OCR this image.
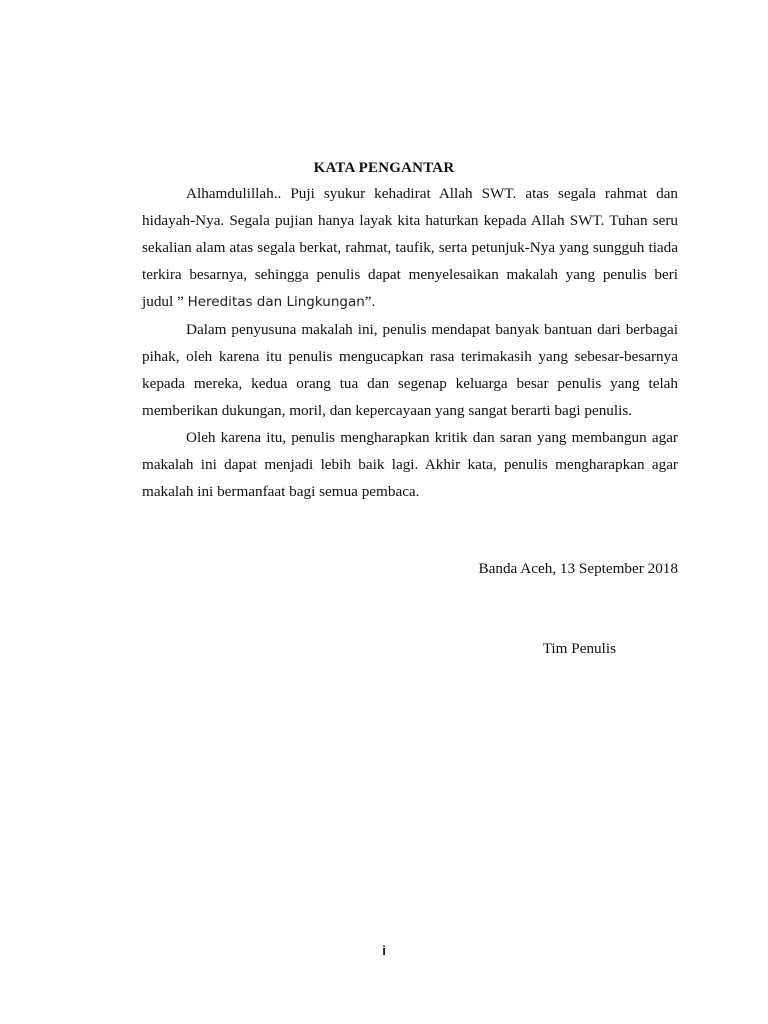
KATA PENGANTAR

Alhamdulillah.. Puji syukur kehadirat Allah SWT. atas segala rahmat dan hidayah-Nya. Segala pujian hanya layak kita haturkan kepada Allah SWT. Tuhan seru sekalian alam atas segala berkat, rahmat, taufik, serta petunjuk-Nya yang sungguh tiada terkira besarnya, sehingga penulis dapat menyelesaikan makalah yang penulis beri judul ” Hereditas dan Lingkungan”.

Dalam penyusuna makalah ini, penulis mendapat banyak bantuan dari berbagai pihak, oleh karena itu penulis mengucapkan rasa terimakasih yang sebesar-besarnya kepada mereka, kedua orang tua dan segenap keluarga besar penulis yang telah memberikan dukungan, moril, dan kepercayaan yang sangat berarti bagi penulis.

Oleh karena itu, penulis mengharapkan kritik dan saran yang membangun agar makalah ini dapat menjadi lebih baik lagi. Akhir kata, penulis mengharapkan agar makalah ini bermanfaat bagi semua pembaca.

Banda Aceh, 13 September 2018
Tim Penulis
i
